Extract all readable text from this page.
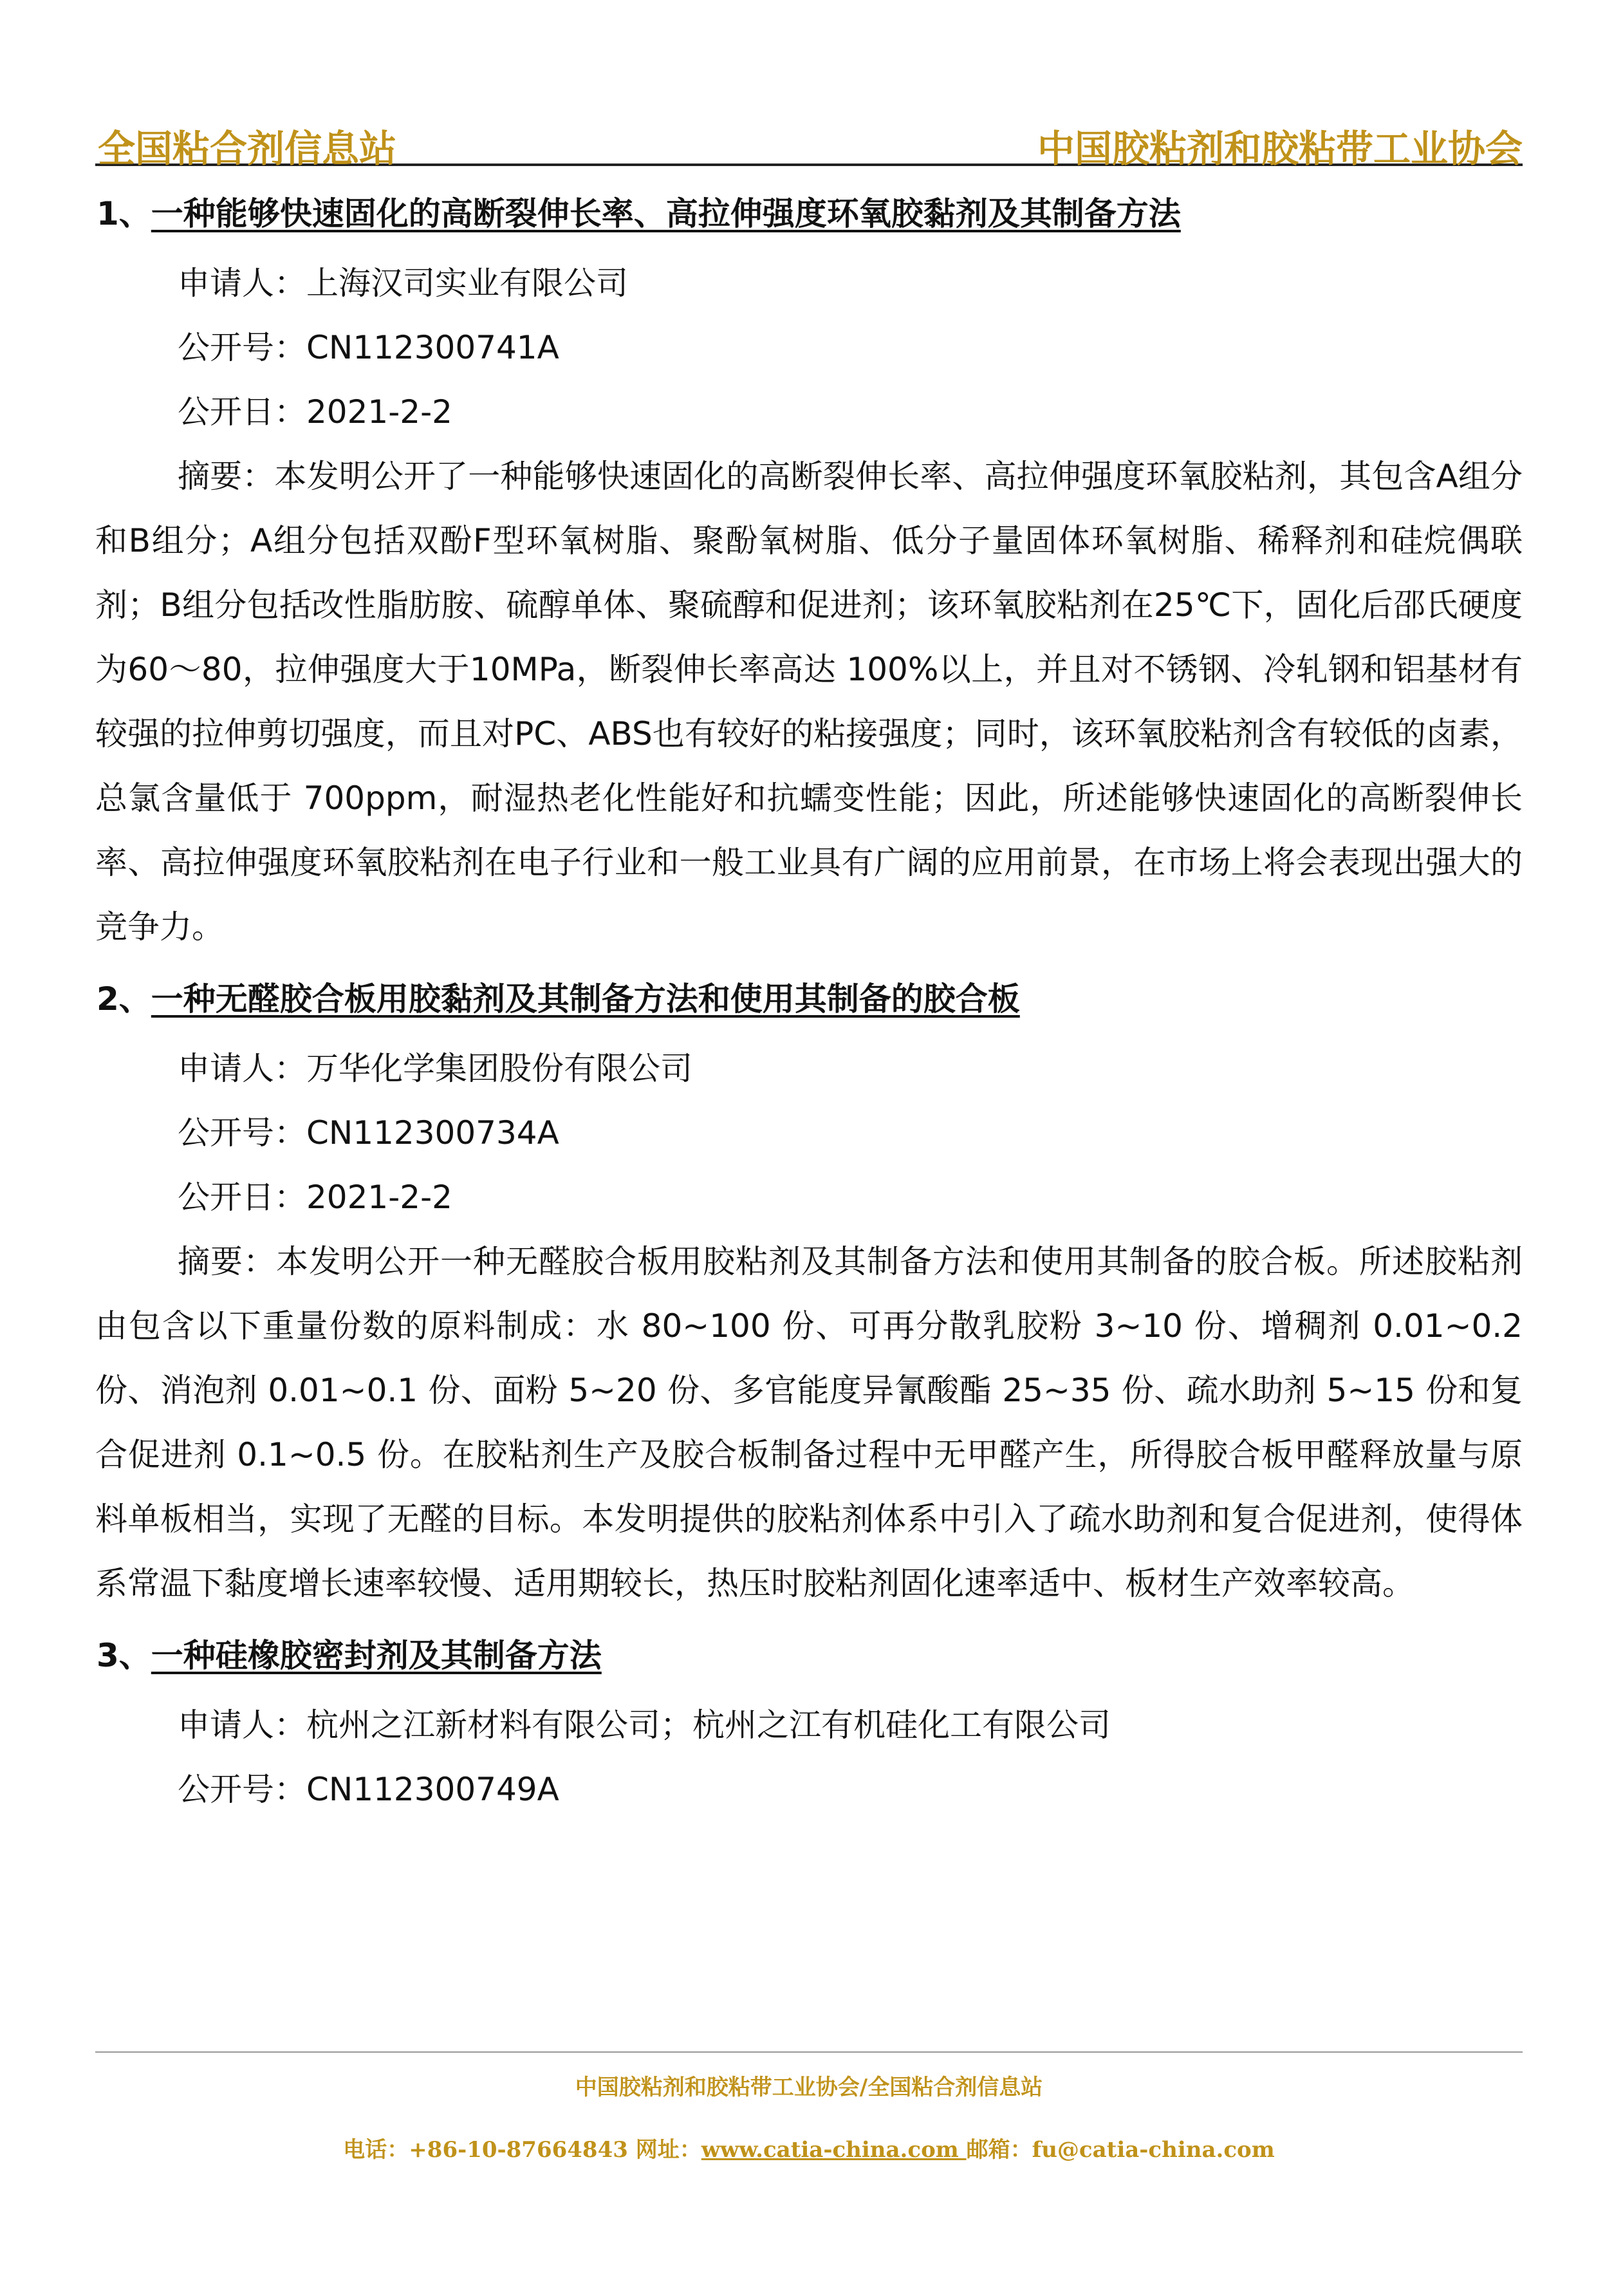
全国粘合剂信息站	中国胶粘剂和胶粘带工业协会
1、一种能够快速固化的高断裂伸长率、高拉伸强度环氧胶黏剂及其制备方法
申请人：上海汉司实业有限公司
公开号：CN112300741A
公开日：2021-2-2

摘要：本发明公开了一种能够快速固化的高断裂伸长率、高拉伸强度环氧胶粘剂，其包含A组分和B组分；A组分包括双酚F型环氧树脂、聚酚氧树脂、低分子量固体环氧树脂、稀释剂和硅烷偶联剂；B组分包括改性脂肪胺、硫醇单体、聚硫醇和促进剂；该环氧胶粘剂在25℃下，固化后邵氏硬度为60～80，拉伸强度大于10MPa，断裂伸长率高达 100%以上，并且对不锈钢、冷轧钢和铝基材有较强的拉伸剪切强度，而且对PC、ABS也有较好的粘接强度；同时，该环氧胶粘剂含有较低的卤素，总氯含量低于 700ppm，耐湿热老化性能好和抗蠕变性能；因此，所述能够快速固化的高断裂伸长率、高拉伸强度环氧胶粘剂在电子行业和一般工业具有广阔的应用前景，在市场上将会表现出强大的竞争力。

2、一种无醛胶合板用胶黏剂及其制备方法和使用其制备的胶合板
申请人：万华化学集团股份有限公司
公开号：CN112300734A
公开日：2021-2-2

摘要：本发明公开一种无醛胶合板用胶粘剂及其制备方法和使用其制备的胶合板。所述胶粘剂由包含以下重量份数的原料制成：水 80~100 份、可再分散乳胶粉 3~10 份、增稠剂 0.01~0.2 份、消泡剂 0.01~0.1 份、面粉 5~20 份、多官能度异氰酸酯 25~35 份、疏水助剂 5~15 份和复合促进剂 0.1~0.5 份。在胶粘剂生产及胶合板制备过程中无甲醛产生，所得胶合板甲醛释放量与原料单板相当，实现了无醛的目标。本发明提供的胶粘剂体系中引入了疏水助剂和复合促进剂，使得体系常温下黏度增长速率较慢、适用期较长，热压时胶粘剂固化速率适中、板材生产效率较高。

3、一种硅橡胶密封剂及其制备方法
申请人：杭州之江新材料有限公司；杭州之江有机硅化工有限公司
公开号：CN112300749A
中国胶粘剂和胶粘带工业协会/全国粘合剂信息站
电话：+86-10-87664843 网址：www.catia-china.com 邮箱：fu@catia-china.com
